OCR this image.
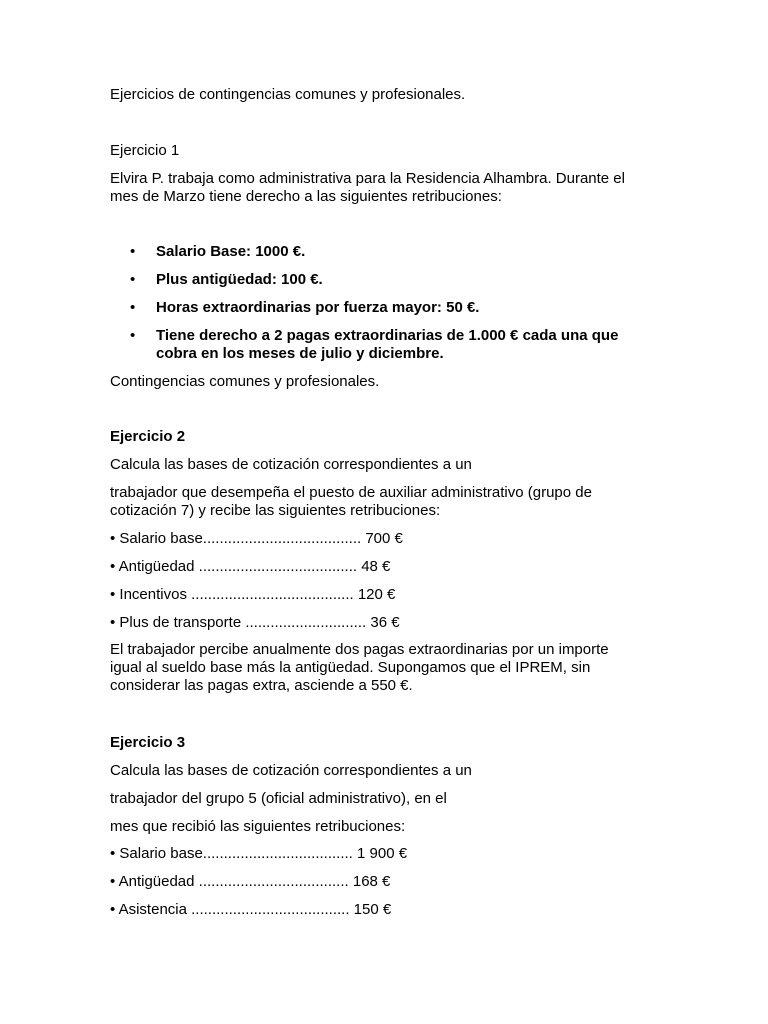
Ejercicios de contingencias comunes y profesionales.
Ejercicio 1
Elvira P. trabaja como administrativa para la Residencia Alhambra. Durante el
mes de Marzo tiene derecho a las siguientes retribuciones:
• Salario Base: 1000 €.
• Plus antigüedad: 100 €.
• Horas extraordinarias por fuerza mayor: 50 €.
• Tiene derecho a 2 pagas extraordinarias de 1.000 € cada una que
cobra en los meses de julio y diciembre.
Contingencias comunes y profesionales.
Ejercicio 2
Calcula las bases de cotización correspondientes a un
trabajador que desempeña el puesto de auxiliar administrativo (grupo de
cotización 7) y recibe las siguientes retribuciones:
• Salario base...................................... 700 €
• Antigüedad ...................................... 48 €
• Incentivos ....................................... 120 €
• Plus de transporte ............................. 36 €
El trabajador percibe anualmente dos pagas extraordinarias por un importe
igual al sueldo base más la antigüedad. Supongamos que el IPREM, sin
considerar las pagas extra, asciende a 550 €.
Ejercicio 3
Calcula las bases de cotización correspondientes a un
trabajador del grupo 5 (oficial administrativo), en el
mes que recibió las siguientes retribuciones:
• Salario base.................................... 1 900 €
• Antigüedad .................................... 168 €
• Asistencia ...................................... 150 €
